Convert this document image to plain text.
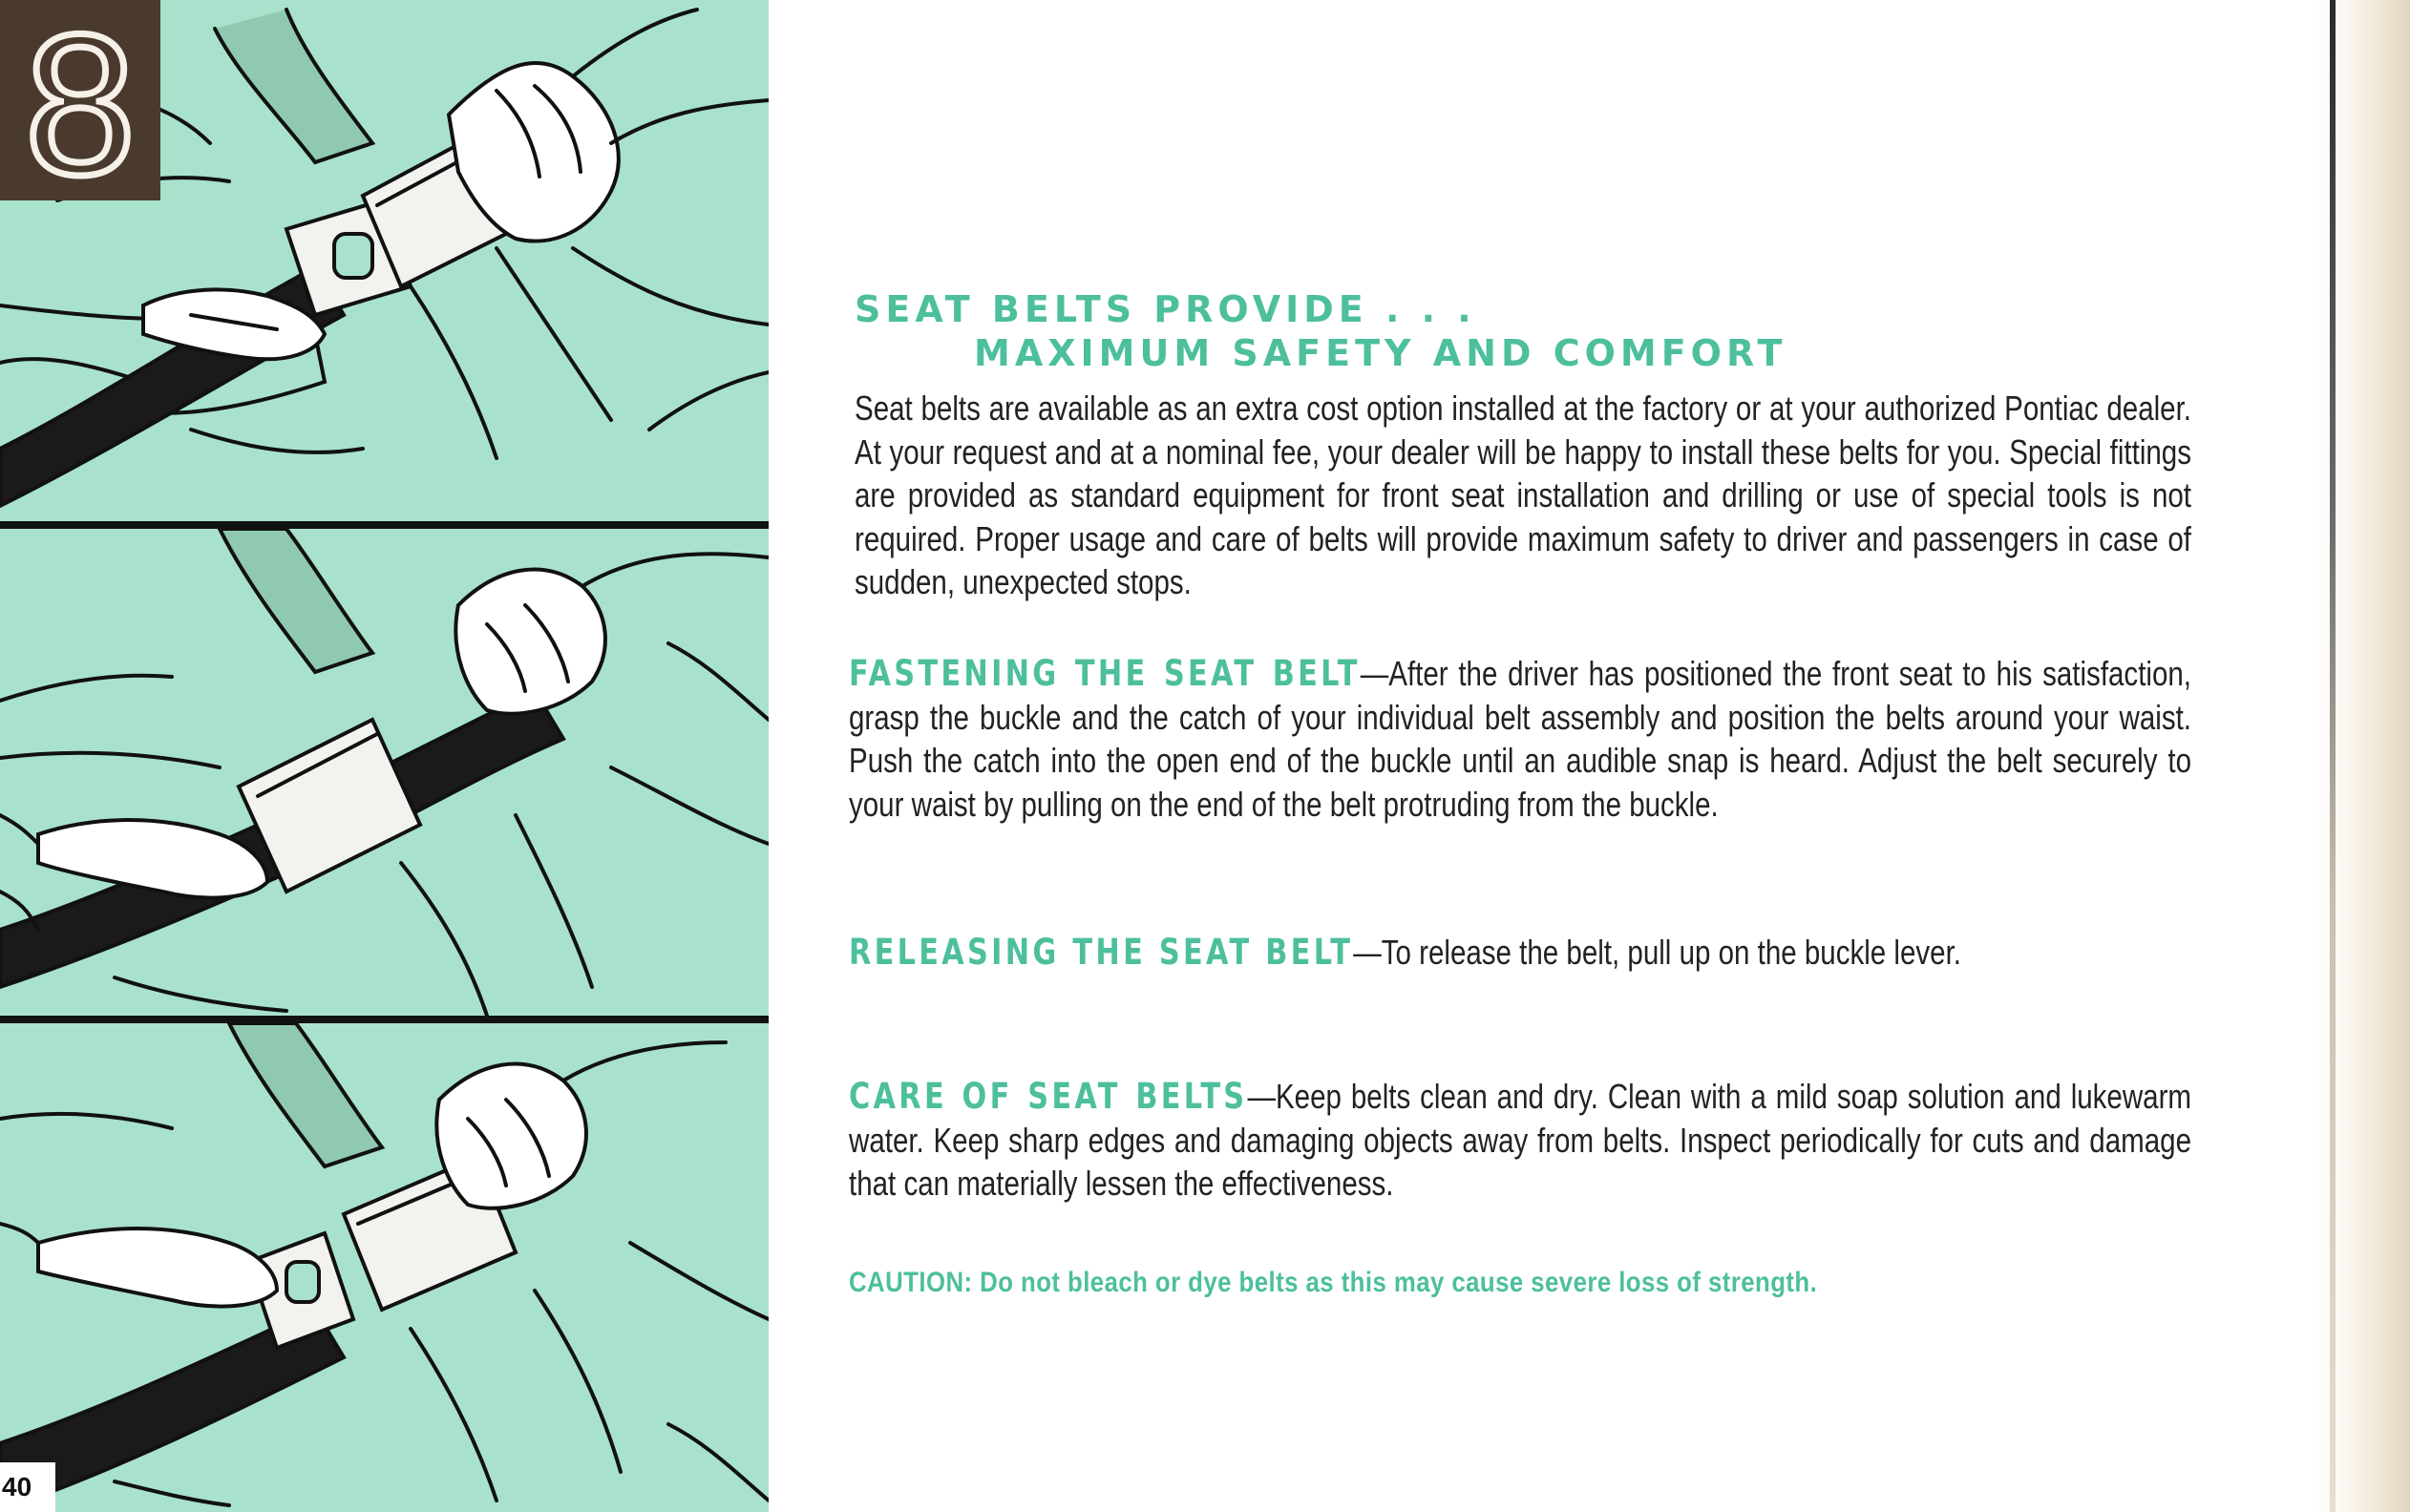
8
40
SEAT BELTS PROVIDE . . .
MAXIMUM SAFETY AND COMFORT
Seat belts are available as an extra cost option installed at the factory or at your authorized Pontiac dealer. At your request and at a nominal fee, your dealer will be happy to install these belts for you. Special fittings are provided as standard equipment for front seat installation and drilling or use of special tools is not required. Proper usage and care of belts will provide maximum safety to driver and passengers in case of sudden, unexpected stops.
FASTENING THE SEAT BELT—After the driver has positioned the front seat to his satisfaction, grasp the buckle and the catch of your individual belt assembly and position the belts around your waist. Push the catch into the open end of the buckle until an audible snap is heard. Adjust the belt securely to your waist by pulling on the end of the belt protruding from the buckle.
RELEASING THE SEAT BELT—To release the belt, pull up on the buckle lever.
CARE OF SEAT BELTS—Keep belts clean and dry. Clean with a mild soap solution and lukewarm water. Keep sharp edges and damaging objects away from belts. Inspect periodically for cuts and damage that can materially lessen the effectiveness.
CAUTION: Do not bleach or dye belts as this may cause severe loss of strength.
